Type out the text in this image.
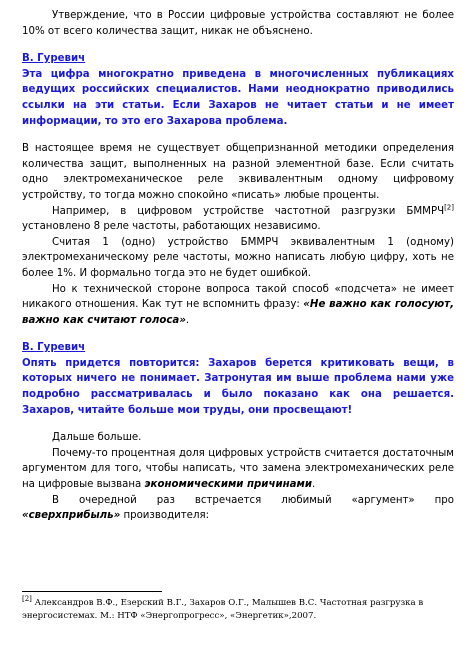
Утверждение, что в России цифровые устройства составляют не более 10% от всего количества защит, никак не объяснено.

В. Гуревич

Эта цифра многократно приведена в многочисленных публикациях ведущих российских специалистов. Нами неоднократно приводились ссылки на эти статьи. Если Захаров не читает статьи и не имеет информации, то это его Захарова проблема.

В настоящее время не существует общепризнанной методики определения количества защит, выполненных на разной элементной базе. Если считать одно электромеханическое реле эквивалентным одному цифровому устройству, то тогда можно спокойно «писать» любые проценты.

Например, в цифровом устройстве частотной разгрузки БММРЧ[2] установлено 8 реле частоты, работающих независимо.

Считая 1 (одно) устройство БММРЧ эквивалентным 1 (одному) электромеханическому реле частоты, можно написать любую цифру, хоть не более 1%. И формально тогда это не будет ошибкой.

Но к технической стороне вопроса такой способ «подсчета» не имеет никакого отношения. Как тут не вспомнить фразу: «Не важно как голосуют, важно как считают голоса».

В. Гуревич

Опять придется повторится: Захаров берется критиковать вещи, в которых ничего не понимает. Затронутая им выше проблема нами уже подробно рассматривалась и было показано как она решается. Захаров, читайте больше мои труды, они просвещают!

Дальше больше.

Почему-то процентная доля цифровых устройств считается достаточным аргументом для того, чтобы написать, что замена электромеханических реле на цифровые вызвана экономическими причинами.

В очередной раз встречается любимый «аргумент» про «сверхприбыль» производителя:

[2] Александров В.Ф., Езерский В.Г., Захаров О.Г., Малышев В.С. Частотная разгрузка в энергосистемах. М.: НТФ «Энергопрогресс», «Энергетик»,2007.
